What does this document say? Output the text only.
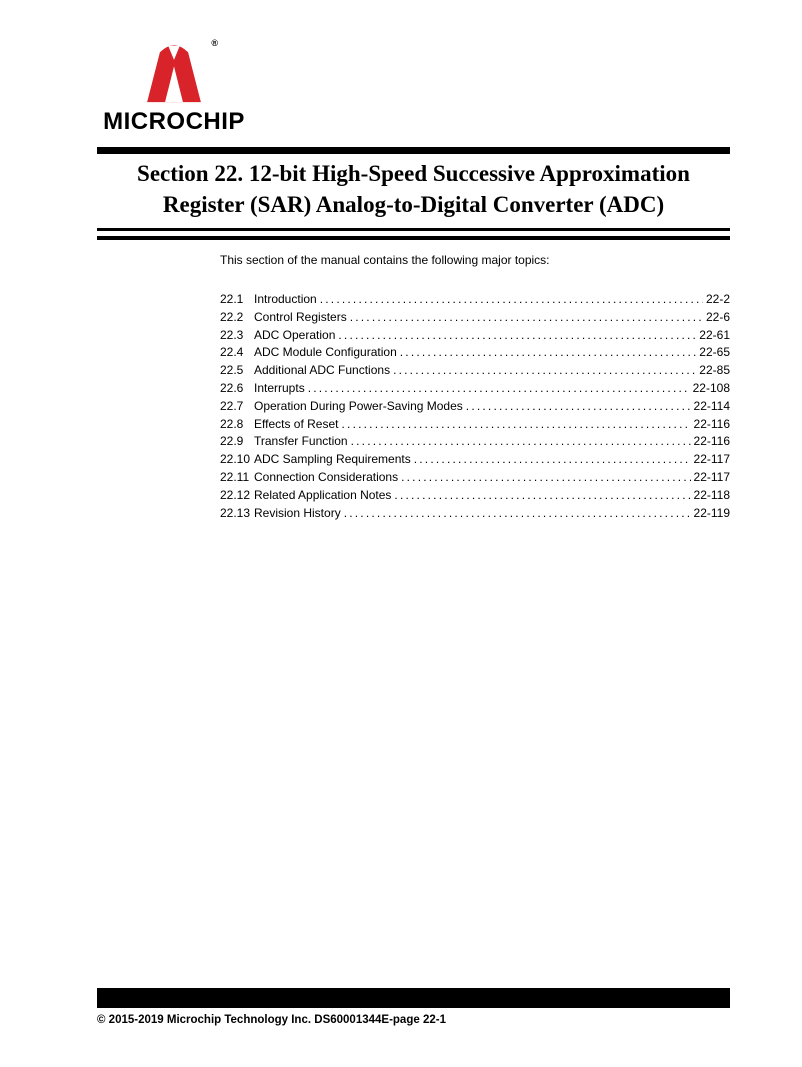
®
MICROCHIP
Section 22. 12-bit High-Speed Successive Approximation
Register (SAR) Analog-to-Digital Converter (ADC)
This section of the manual contains the following major topics:
22.1 Introduction .....	22-2
22.2 Control Registers .....	22-6
22.3 ADC Operation .....	22-61
22.4 ADC Module Configuration .....	22-65
22.5 Additional ADC Functions .....	22-85
22.6 Interrupts .....	22-108
22.7 Operation During Power-Saving Modes .....	22-114
22.8 Effects of Reset .....	22-116
22.9 Transfer Function .....	22-116
22.10 ADC Sampling Requirements .....	22-117
22.11 Connection Considerations .....	22-117
22.12 Related Application Notes .....	22-118
22.13 Revision History .....	22-119
© 2015-2019 Microchip Technology Inc. DS60001344E-page 22-1
